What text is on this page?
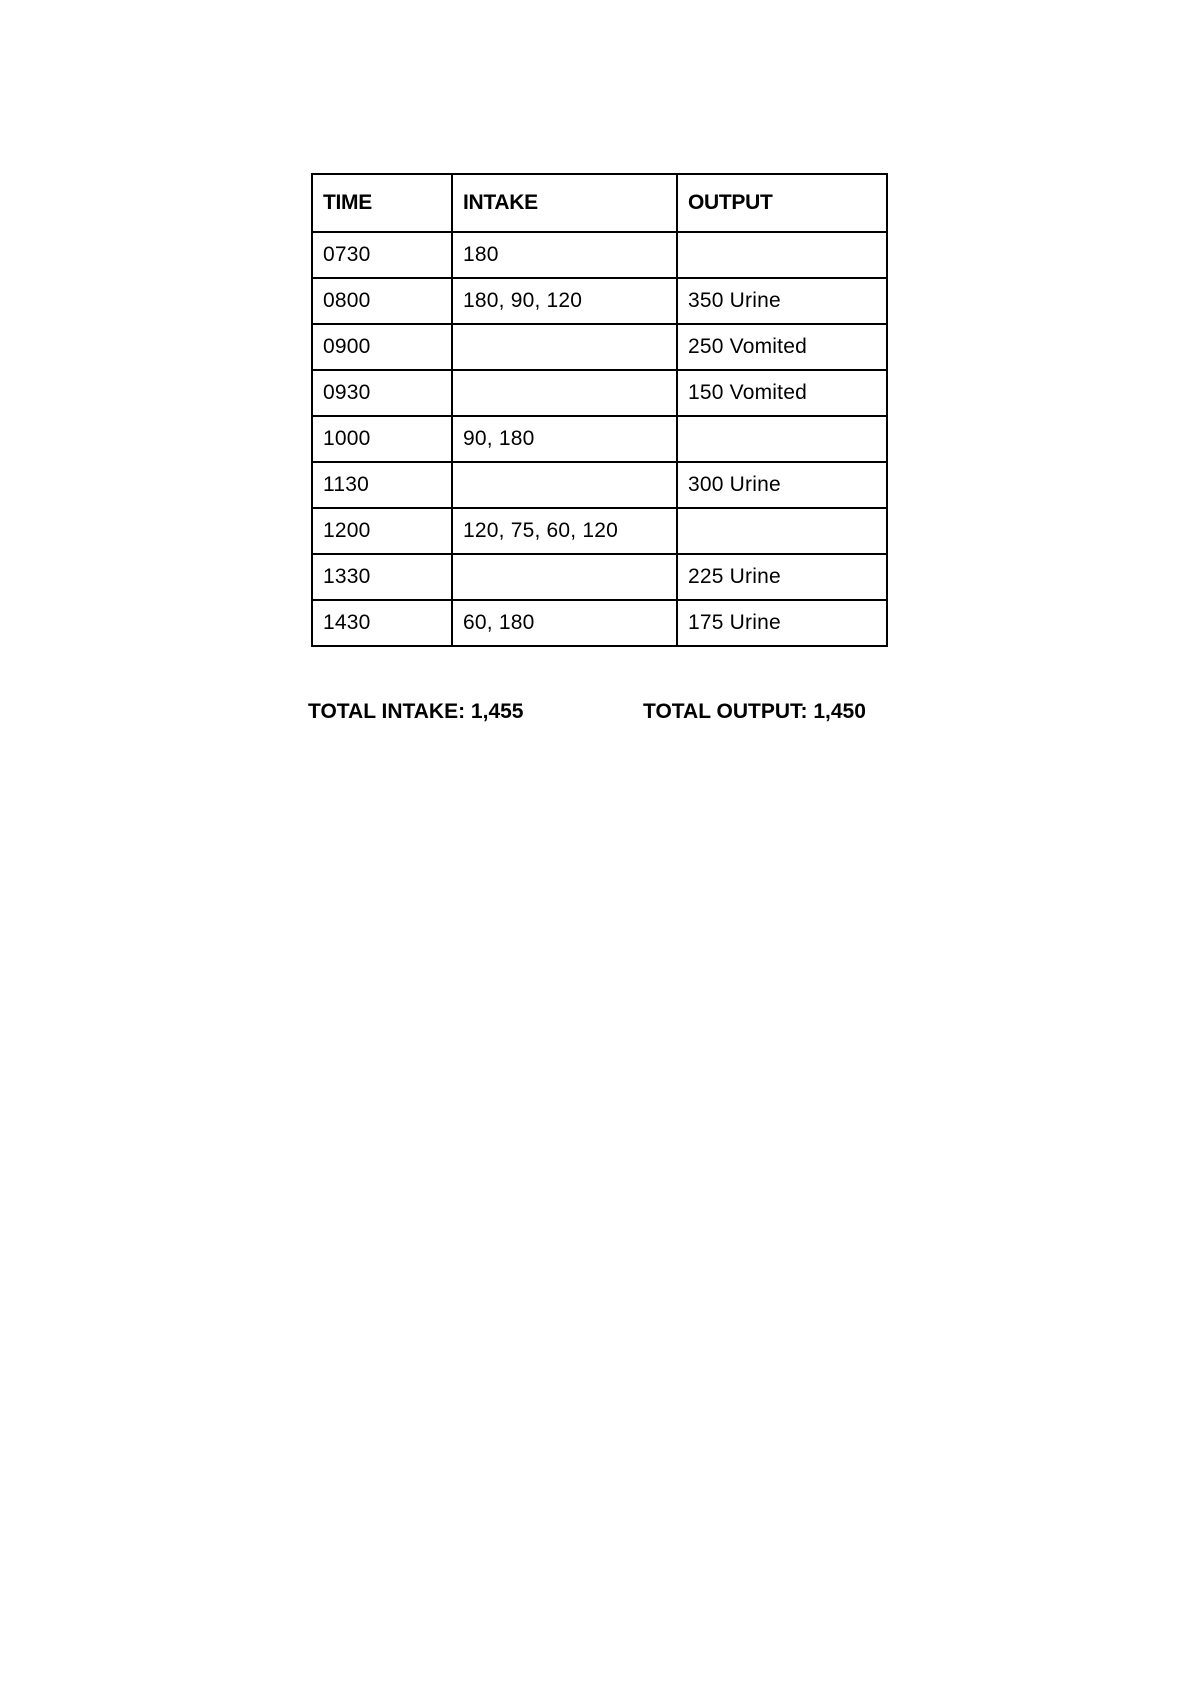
TIME	INTAKE	OUTPUT
0730	180	
0800	180, 90, 120	350 Urine
0900		250 Vomited
0930		150 Vomited
1000	90, 180	
1130		300 Urine
1200	120, 75, 60, 120	
1330		225 Urine
1430	60, 180	175 Urine
TOTAL INTAKE: 1,455	TOTAL OUTPUT: 1,450
